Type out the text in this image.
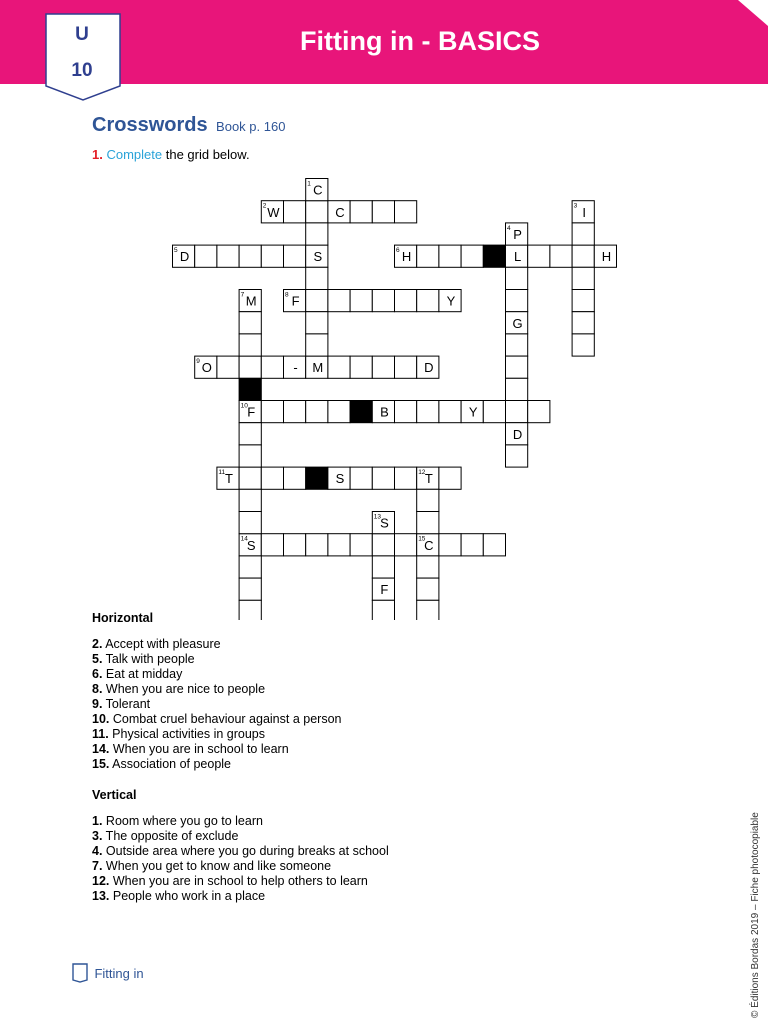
U
10
Fitting in - BASICS
Crosswords Book p. 160
1. Complete the grid below.
C
W	C	I
P
D	S	H	L	H
M	F	Y
G
O	- M	D
F	B	Y
D
T	S	T
S
S	C
F
1
2	3
4
5	6
7	8
9
10
11	12
13
14	15
Horizontal
2. Accept with pleasure
5. Talk with people
6. Eat at midday
8. When you are nice to people
9. Tolerant
10. Combat cruel behaviour against a person
11. Physical activities in groups
14. When you are in school to learn
15. Association of people
Vertical
1. Room where you go to learn
3. The opposite of exclude
4. Outside area where you go during breaks at school
7. When you get to know and like someone
12. When you are in school to help others to learn
13. People who work in a place	© Éditions Bordas 2019 – Fiche photocopiable
Fitting in
